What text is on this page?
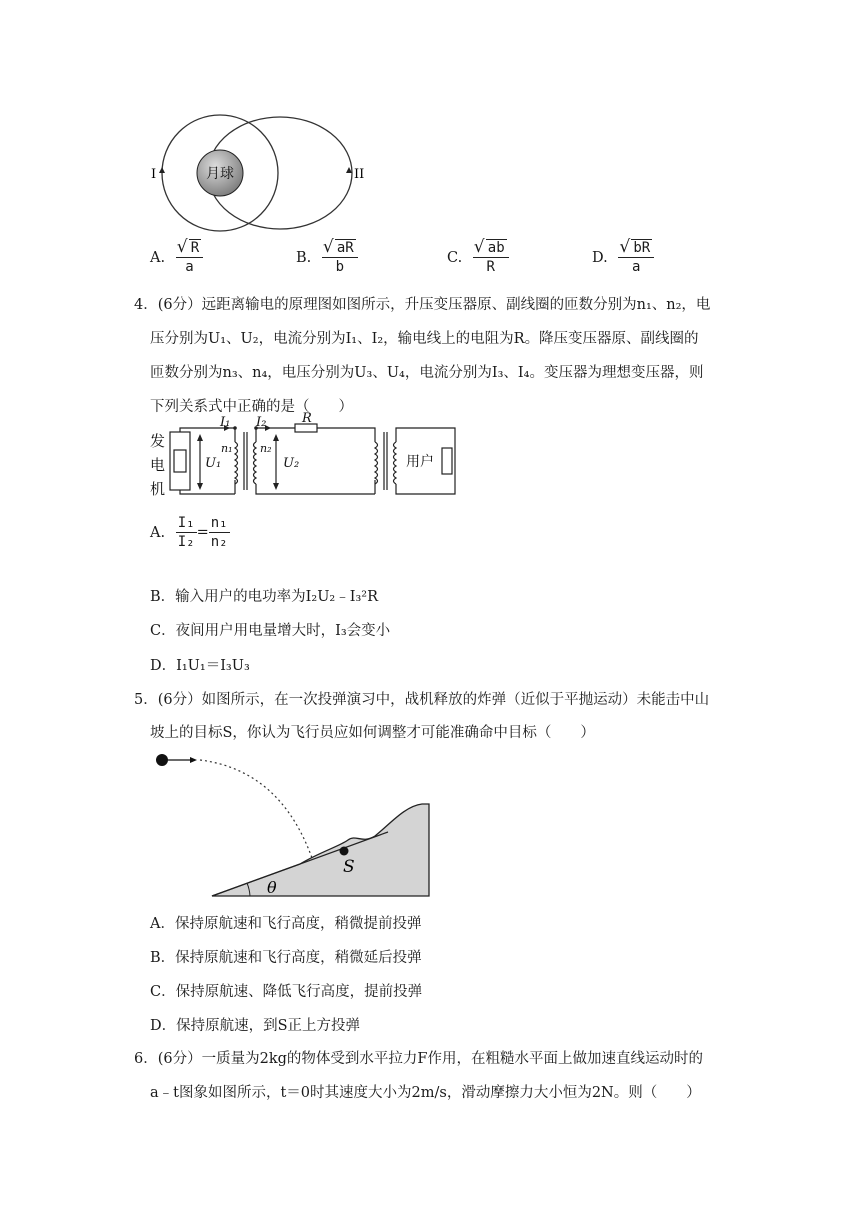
月球
I	II
A. √ $\frac{R}{a}$	B. √ $\frac{aR}{b}$	C. √ $\frac{ab}{R}$	D. √ $\frac{bR}{a}$
4．(6分）远距离输电的原理图如图所示，升压变压器原、副线圈的匝数分别为n₁、n₂，电
压分别为U₁、U₂，电流分别为I₁、I₂，输电线上的电阻为R。降压变压器原、副线圈的
匝数分别为n₃、n₄，电压分别为U₃、U₄，电流分别为I₃、I₄。变压器为理想变压器，则
下列关系式中正确的是（　　）
发
电
机
I₁ I₂	R
U₁	U₂
n₁	n₂
用户
A. $\frac{\text{I₁}}{\text{I₂}} = \frac{\text{n₁}}{\text{n₂}}$
B．输入用户的电功率为I₂U₂﹣I₃²R
C．夜间用户用电量增大时，I₃会变小
D．I₁U₁＝I₃U₃
5．(6分）如图所示，在一次投弹演习中，战机释放的炸弹（近似于平抛运动）未能击中山
坡上的目标S，你认为飞行员应如何调整才可能准确命中目标（　　）
S
θ
A．保持原航速和飞行高度，稍微提前投弹
B．保持原航速和飞行高度，稍微延后投弹
C．保持原航速、降低飞行高度，提前投弹
D．保持原航速，到S正上方投弹
6．(6分）一质量为2kg的物体受到水平拉力F作用，在粗糙水平面上做加速直线运动时的
a﹣t图象如图所示，t＝0时其速度大小为2m/s，滑动摩擦力大小恒为2N。则（　　）
